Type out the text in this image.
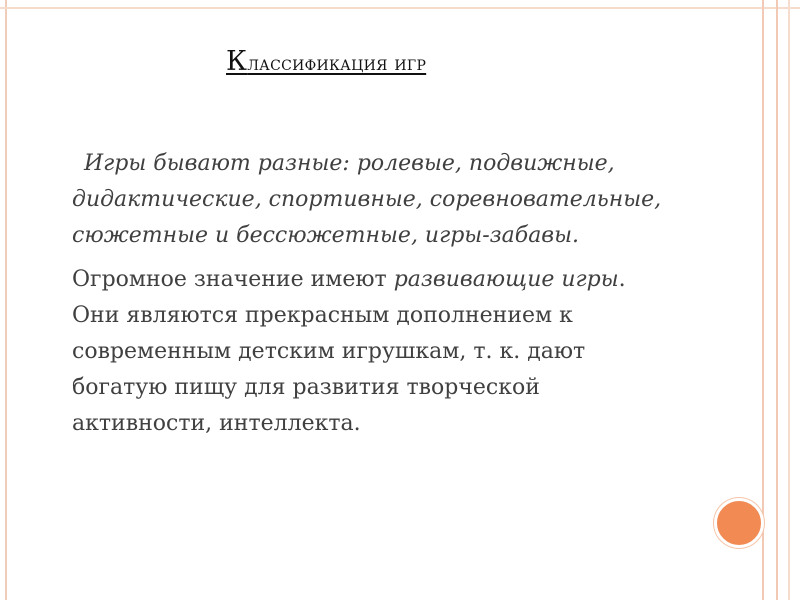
Классификация игр
Игры бывают разные: ролевые, подвижные, дидактические, спортивные, соревновательные, сюжетные и бессюжетные, игры-забавы.
Огромное значение имеют развивающие игры. Они являются прекрасным дополнением к современным детским игрушкам, т. к. дают богатую пищу для развития творческой активности, интеллекта.
